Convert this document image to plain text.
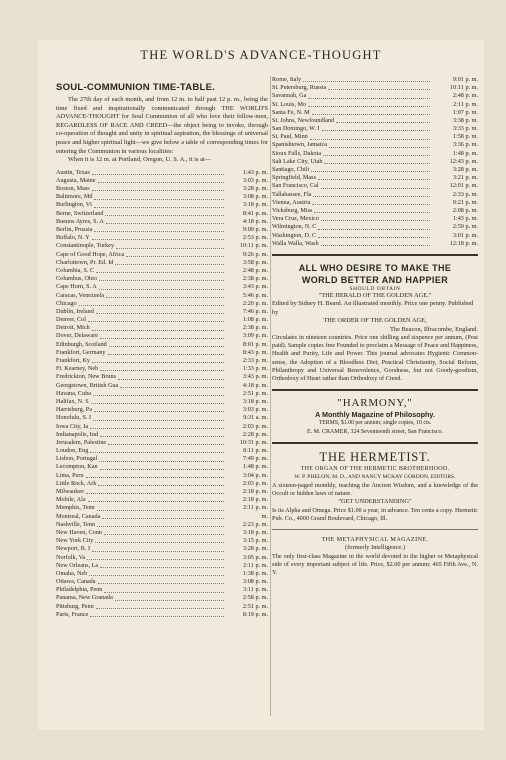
THE WORLD'S ADVANCE-THOUGHT
SOUL-COMMUNION TIME-TABLE.

The 27th day of each month, and from 12 m. to half past 12 p. m., being the time fixed and inspirationally communicated through THE WORLD'S ADVANCE-THOUGHT for Soul Communion of all who love their fellow-men, REGARDLESS OF RACE AND CREED—the object being to invoke, through co-operation of thought and unity in spiritual aspiration, the blessings of universal peace and higher spiritual light—we give below a table of corresponding times for entering the Communion in various localities:

When it is 12 m. at Portland, Oregon, U. S. A., it is at—

Austin, Texas	1:43 p. m.
Augusta, Maine	3:03 p. m.
Boston, Mass	3:28 p. m.
Baltimore, Md	3:08 p. m.
Burlington, Vt	3:18 p. m.
Berne, Switzerland	8:41 p. m.
Buenos Ayres, S. A	4:18 p. m.
Berlin, Prussia	9:09 p. m.
Buffalo, N. Y	2:53 p. m.
Constantinople, Turkey	10:11 p. m.
Cape of Good Hope, Africa	9:26 p. m.
Charlottown, Pr. Ed. Id	3:58 p. m.
Columbia, S. C	2:48 p. m.
Columbus, Ohio	2:38 p. m.
Cape Horn, S. A	3:43 p. m.
Caracas, Venezuela	5:46 p. m.
Chicago	2:20 p. m.
Dublin, Ireland	7:46 p. m.
Denver, Col	1:08 p. m.
Detroit, Mich	2:38 p. m.
Dover, Delaware	3:09 p. m.
Edinburgh, Scotland	8:01 p. m.
Frankfort, Germany	8:43 p. m.
Frankfort, Ky	2:33 p. m.
Ft. Kearney, Neb	1:33 p. m.
Fredrickton, New Bruns	3:43 p. m.
Georgetown, British Gua	4:18 p. m.
Havana, Cuba	2:51 p. m.
Halifax, N. S	3:18 p. m.
Harrisburg, Pa	3:03 p. m.
Honolulu, S. I	9:31 a. m.
Iowa City, Ia	2:03 p. m.
Indianapolis, Ind	2:28 p. m.
Jerusalem, Palestine	10:31 p. m.
Loudon, Eng	8:11 p. m.
Lisbon, Portugal	7:49 p. m.
Lecompton, Kan	1:48 p. m.
Lima, Peru	3:04 p. m.
Little Rock, Ark	2:03 p. m.
Milwaukee	2:18 p. m.
Mobile, Ala	2:18 p. m.
Memphis, Tenn	2:11 p. m.
Montreal, Canada	m.
Nashville, Tenn	2:23 p. m.
New Haven, Conn	3:18 p. m.
New York City	3:15 p. m.
Newport, R. I	3:28 p. m.
Norfolk, Va	3:05 p. m.
New Orleans, La	2:11 p. m.
Omaha, Neb	1:38 p. m.
Ottawa, Canada	3:08 p. m.
Philadelphia, Penn	3:11 p. m.
Panama, New Granada	2:58 p. m.
Pittsburg, Penn	2:51 p. m.
Paris, France	8:19 p. m.
Rome, Italy	9:01 p. m.
St. Petersburg, Russia	10:11 p. m.
Savannah, Ga	2:48 p. m.
St. Louis, Mo	2:11 p. m.
Santa Fe, N. M	1:07 p. m.
St. Johns, Newfoundland	3:38 p. m.
San Domingo, W. I	3:33 p. m.
St. Paul, Minn	1:58 p. m.
Spanishtown, Jamaica	3:36 p. m.
Sioux Falls, Dakota	1:48 p. m.
Salt Lake City, Utah	12:43 p. m.
Santiago, Chili	3:28 p. m.
Springfield, Mass	3:21 p. m.
San Francisco, Cal	12:01 p. m.
Tallahassee, Fla	2:33 p. m.
Vienna, Austria	9:21 p. m.
Vicksburg, Miss	2:08 p. m.
Vera Cruz, Mexico	1:43 p. m.
Wilmington, N. C	2:59 p. m.
Washington, D. C	3:01 p. m.
Walla Walla, Wash	12:18 p. m.
ALL WHO DESIRE TO MAKE THE
WORLD BETTER AND HAPPIER
SHOULD OBTAIN
"THE HERALD OF THE GOLDEN AGE."
Edited by Sidney H. Beard. An illustrated monthly. Price one penny. Published by
THE ORDER OF THE GOLDEN AGE,
The Beacon, Ilfracombe, England.
Circulates in nineteen countries. Price one shilling and sixpence per annum, (Post paid). Sample copies free Founded to proclaim a Message of Peace and Happiness, Health and Purity, Life and Power. This journal advocates Hygienic Common-sense, the Adoption of a Bloodless Diet, Practical Christianity, Social Reform, Philanthropy and Universal Benevolence, Goodness, but not Goody-goodism, Orthodoxy of Heart rather than Orthodoxy of Creed.
"HARMONY,"
A Monthly Magazine of Philosophy.
TERMS, $1.00 per annum; single copies, 10 cts.
E. M. CRAMER, 324 Seventeenth street, San Francisco.
THE HERMETIST.
THE ORGAN OF THE HERMETIC BROTHERHOOD.
W. P. PHELON, M. D., AND NANCY MCKAY GORDON, EDITORS.
A sixteen-paged monthly, teaching the Ancient Wisdom, and a knowledge of the Occult or hidden laws of nature.
"GET UNDERSTANDING"
Is its Alpha and Omega. Price $1.00 a year, in advance. Ten cents a copy. Hermetic Pub. Co., 4000 Grand Boulevard, Chicago, Ill.
THE METAPHYSICAL MAGAZINE.
(formerly Intelligence.)
The only first-class Magazine in the world devoted to the higher or Metaphysical side of every important subject of life. Price, $2.00 per annum: 465 Fifth Ave., N. Y.
